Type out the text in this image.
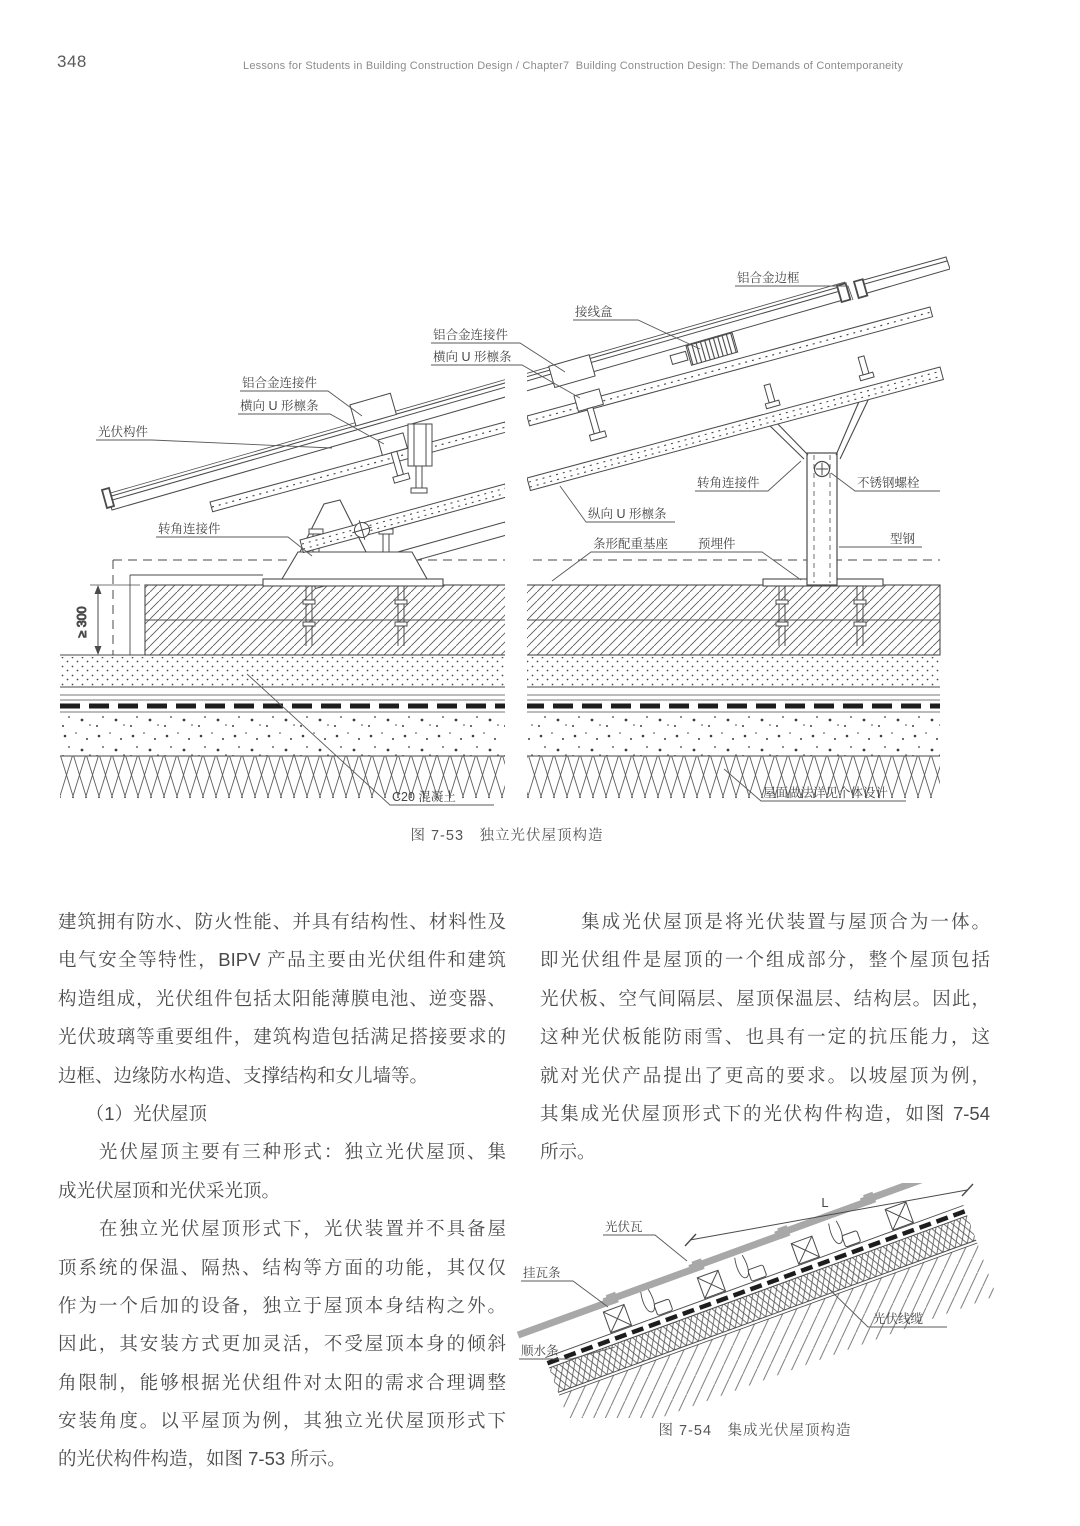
348	Lessons for Students in Building Construction Design / Chapter7  Building Construction Design: The Demands of Contemporaneity
≥ 300
铝合金边框
接线盒
铝合金连接件
横向 U 形檩条
铝合金连接件
横向 U 形檩条
光伏构件
转角连接件
纵向 U 形檩条
条形配重基座 预埋件
转角连接件	不锈钢螺栓
型钢
C20 混凝土	屋面做法详见个体设计
图 7-53　独立光伏屋顶构造
建筑拥有防水、防火性能、并具有结构性、材料性及
电气安全等特性，BIPV 产品主要由光伏组件和建筑
构造组成，光伏组件包括太阳能薄膜电池、逆变器、
光伏玻璃等重要组件，建筑构造包括满足搭接要求的
边框、边缘防水构造、支撑结构和女儿墙等。
　　（1）光伏屋顶
　　光伏屋顶主要有三种形式：独立光伏屋顶、集
成光伏屋顶和光伏采光顶。
　　在独立光伏屋顶形式下，光伏装置并不具备屋
顶系统的保温、隔热、结构等方面的功能，其仅仅
作为一个后加的设备，独立于屋顶本身结构之外。
因此，其安装方式更加灵活，不受屋顶本身的倾斜
角限制，能够根据光伏组件对太阳的需求合理调整
安装角度。以平屋顶为例，其独立光伏屋顶形式下
的光伏构件构造，如图 7-53 所示。
　　集成光伏屋顶是将光伏装置与屋顶合为一体。
即光伏组件是屋顶的一个组成部分，整个屋顶包括
光伏板、空气间隔层、屋顶保温层、结构层。因此，
这种光伏板能防雨雪、也具有一定的抗压能力，这
就对光伏产品提出了更高的要求。以坡屋顶为例，
其集成光伏屋顶形式下的光伏构件构造，如图 7-54
所示。
L
光伏瓦
挂瓦条
顺水条
光伏线缆
图 7-54　集成光伏屋顶构造
